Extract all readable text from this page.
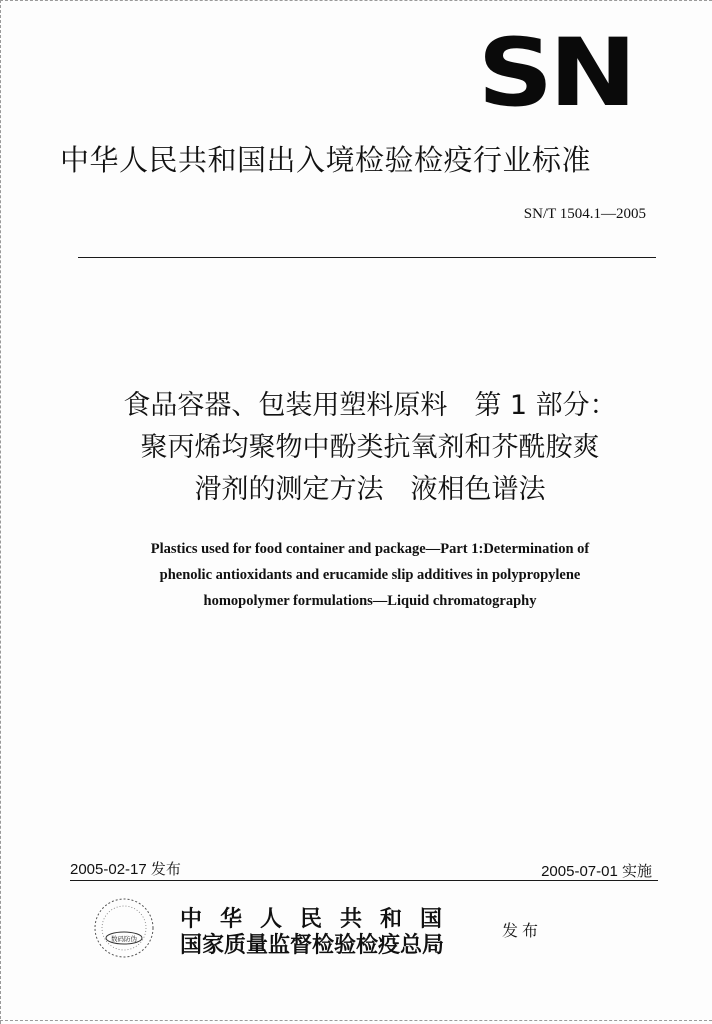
SN
中华人民共和国出入境检验检疫行业标准
SN/T 1504.1—2005
食品容器、包装用塑料原料　第 1 部分：
聚丙烯均聚物中酚类抗氧剂和芥酰胺爽
滑剂的测定方法　液相色谱法
Plastics used for food container and package—Part 1:Determination of
phenolic antioxidants and erucamide slip additives in polypropylene
homopolymer formulations—Liquid chromatography
2005-02-17 发布	2005-07-01 实施
数码防伪
中华人民共和国
国家质量监督检验检疫总局
发布
